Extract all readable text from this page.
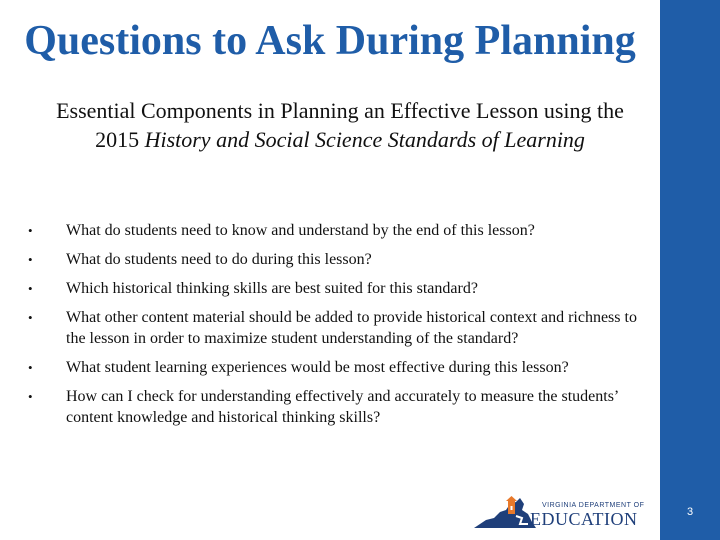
Questions to Ask During Planning
Essential Components in Planning an Effective Lesson using the 2015 History and Social Science Standards of Learning
• What do students need to know and understand by the end of this lesson?
• What do students need to do during this lesson?
• Which historical thinking skills are best suited for this standard?
• What other content material should be added to provide historical context and richness to the lesson in order to maximize student understanding of the standard?
• What student learning experiences would be most effective during this lesson?
• How can I check for understanding effectively and accurately to measure the students’ content knowledge and historical thinking skills?
VIRGINIA DEPARTMENT OF
EDUCATION	3
